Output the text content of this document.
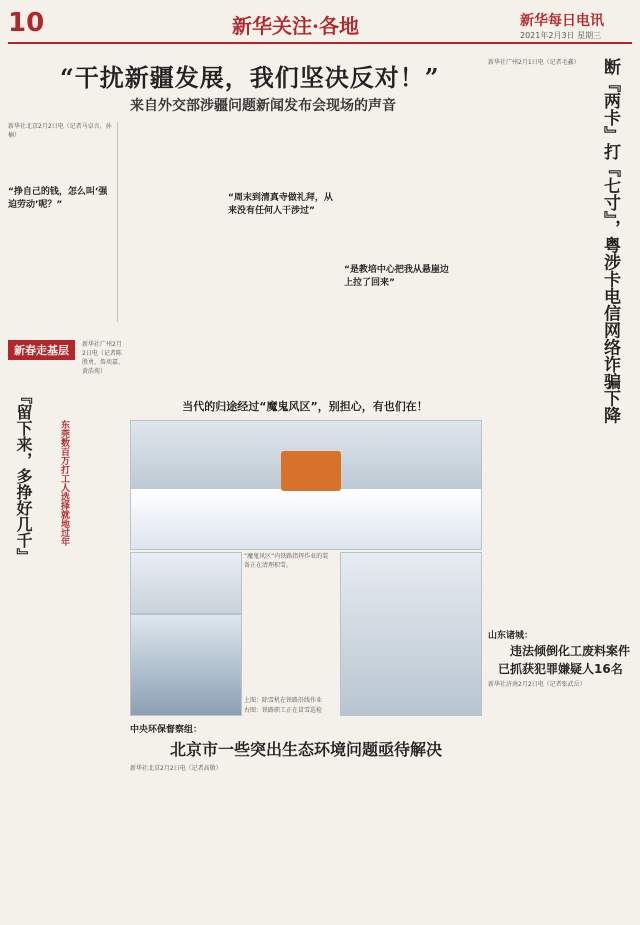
10	新华关注·各地	新华每日电讯
2021年2月3日 星期三
“干扰新疆发展，我们坚决反对！”
来自外交部涉疆问题新闻发布会现场的声音
新华社北京2月2日电（记者马卓言、孙楠）
“挣自己的钱，怎么叫‘强迫劳动’呢？”
“周末到清真寺做礼拜，从来没有任何人干涉过”
“是教培中心把我从悬崖边上拉了回来”	断『两卡』打『七寸』，粤涉卡电信网络诈骗下降
新华社广州2月1日电（记者毛鑫）
新春走基层
『留下来，多挣好几千』	东莞数百万打工人选择就地过年
新华社广州2月2日电（记者陈胜勇、詹奕嘉、黄浩苑）
当代的归途经过“魔鬼风区”，别担心，有也们在！
“魔鬼风区”内铁路指挥作业的装备正在清理积雪。
上图：除雪机在铁路沿线作业
右图：铁路职工正在冒雪巡检
中央环保督察组：
北京市一些突出生态环境问题亟待解决
新华社北京2月2日电（记者高敬）
山东诸城：
违法倾倒化工废料案件
已抓获犯罪嫌疑人16名
新华社济南2月2日电（记者张武岳）
